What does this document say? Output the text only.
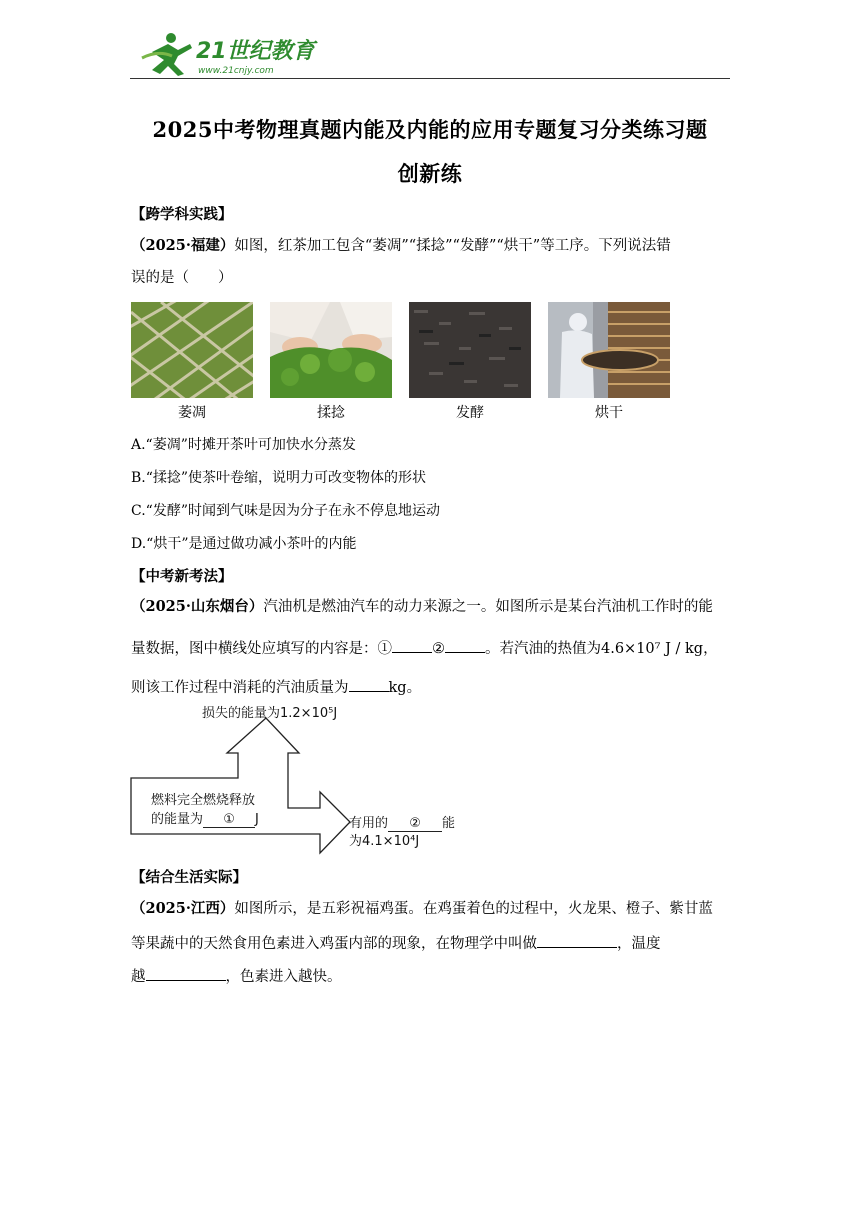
21世纪教育
www.21cnjy.com
2025中考物理真题内能及内能的应用专题复习分类练习题
创新练
【跨学科实践】
（2025·福建）如图，红茶加工包含“萎凋”“揉捻”“发酵”“烘干”等工序。下列说法错
误的是（　　）
萎凋	揉捻	发酵	烘干
A.“萎凋”时摊开茶叶可加快水分蒸发
B.“揉捻”使茶叶卷缩，说明力可改变物体的形状
C.“发酵”时闻到气味是因为分子在永不停息地运动
D.“烘干”是通过做功减小茶叶的内能
【中考新考法】
（2025·山东烟台）汽油机是燃油汽车的动力来源之一。如图所示是某台汽油机工作时的能
量数据，图中横线处应填写的内容是：①	②	。若汽油的热值为4.6×10⁷ J / kg，
则该工作过程中消耗的汽油质量为	kg。
损失的能量为1.2×10⁵J
燃料完全燃烧释放
的能量为 ① J	有用的 ② 能
为4.1×10⁴J
【结合生活实际】
（2025·江西）如图所示，是五彩祝福鸡蛋。在鸡蛋着色的过程中，火龙果、橙子、紫甘蓝
等果蔬中的天然食用色素进入鸡蛋内部的现象，在物理学中叫做	，温度
越	，色素进入越快。
